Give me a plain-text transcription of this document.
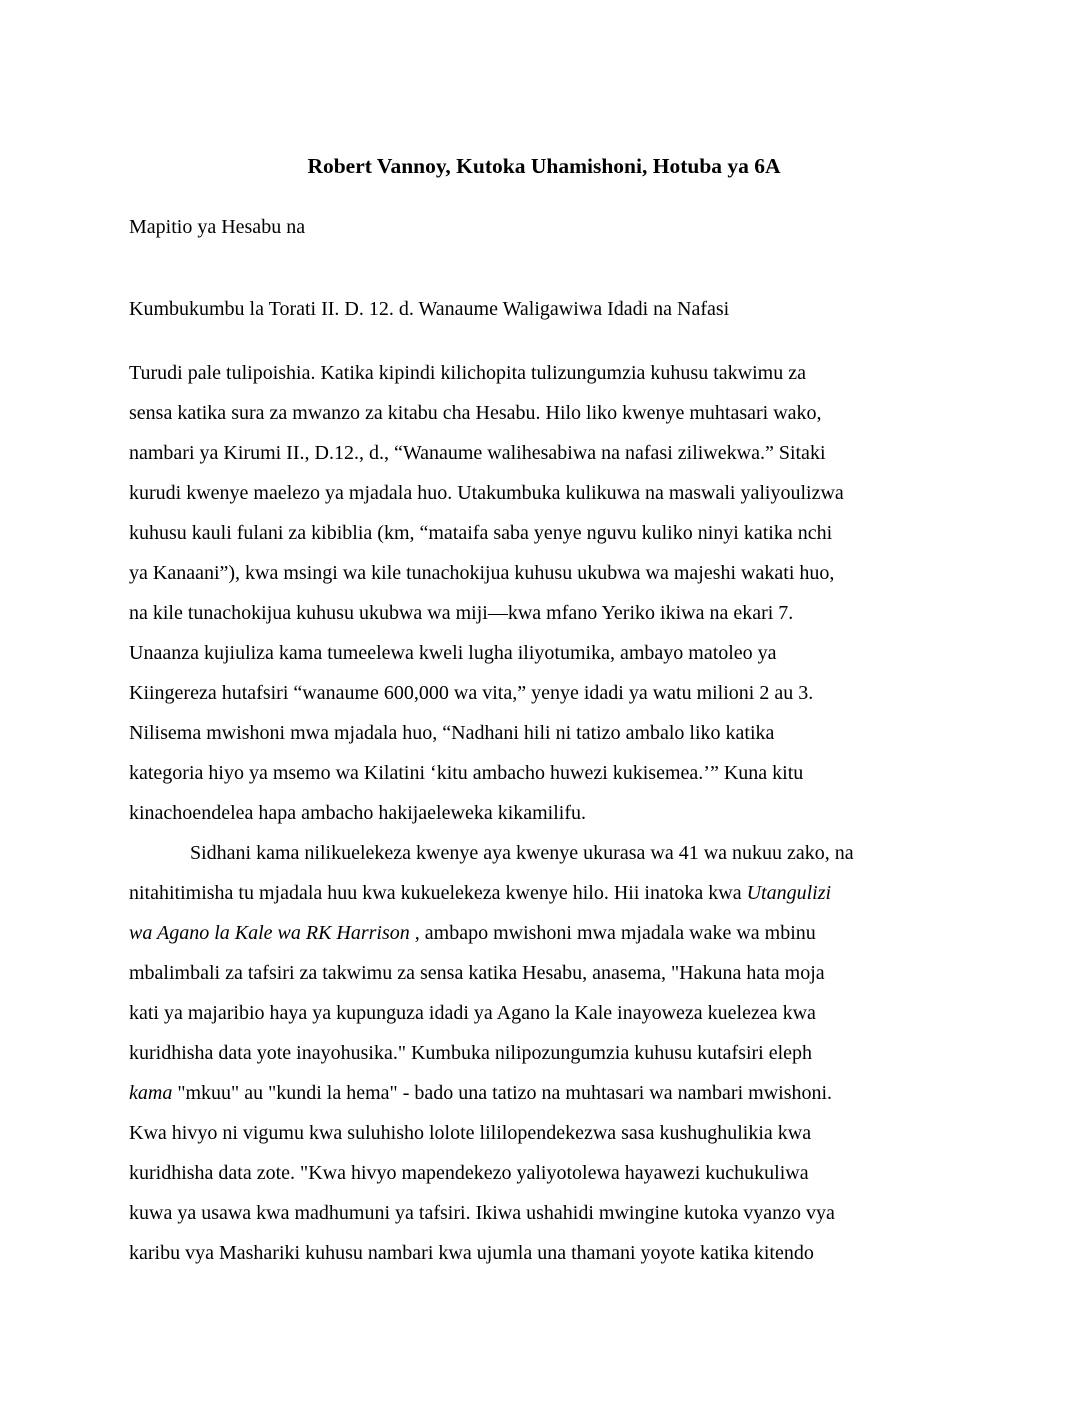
Robert Vannoy, Kutoka Uhamishoni, Hotuba ya 6A
Mapitio ya Hesabu na
Kumbukumbu la Torati II. D. 12. d. Wanaume Waligawiwa Idadi na Nafasi
Turudi pale tulipoishia. Katika kipindi kilichopita tulizungumzia kuhusu takwimu za
sensa katika sura za mwanzo za kitabu cha Hesabu. Hilo liko kwenye muhtasari wako,
nambari ya Kirumi II., D.12., d., “Wanaume walihesabiwa na nafasi ziliwekwa.” Sitaki
kurudi kwenye maelezo ya mjadala huo. Utakumbuka kulikuwa na maswali yaliyoulizwa
kuhusu kauli fulani za kibiblia (km, “mataifa saba yenye nguvu kuliko ninyi katika nchi
ya Kanaani”), kwa msingi wa kile tunachokijua kuhusu ukubwa wa majeshi wakati huo,
na kile tunachokijua kuhusu ukubwa wa miji—kwa mfano Yeriko ikiwa na ekari 7.
Unaanza kujiuliza kama tumeelewa kweli lugha iliyotumika, ambayo matoleo ya
Kiingereza hutafsiri “wanaume 600,000 wa vita,” yenye idadi ya watu milioni 2 au 3.
Nilisema mwishoni mwa mjadala huo, “Nadhani hili ni tatizo ambalo liko katika
kategoria hiyo ya msemo wa Kilatini ‘kitu ambacho huwezi kukisemea.’” Kuna kitu
kinachoendelea hapa ambacho hakijaeleweka kikamilifu.
Sidhani kama nilikuelekeza kwenye aya kwenye ukurasa wa 41 wa nukuu zako, na
nitahitimisha tu mjadala huu kwa kukuelekeza kwenye hilo. Hii inatoka kwa Utangulizi
wa Agano la Kale wa RK Harrison , ambapo mwishoni mwa mjadala wake wa mbinu
mbalimbali za tafsiri za takwimu za sensa katika Hesabu, anasema, "Hakuna hata moja
kati ya majaribio haya ya kupunguza idadi ya Agano la Kale inayoweza kuelezea kwa
kuridhisha data yote inayohusika." Kumbuka nilipozungumzia kuhusu kutafsiri eleph
kama "mkuu" au "kundi la hema" - bado una tatizo na muhtasari wa nambari mwishoni.
Kwa hivyo ni vigumu kwa suluhisho lolote lililopendekezwa sasa kushughulikia kwa
kuridhisha data zote. "Kwa hivyo mapendekezo yaliyotolewa hayawezi kuchukuliwa
kuwa ya usawa kwa madhumuni ya tafsiri. Ikiwa ushahidi mwingine kutoka vyanzo vya
karibu vya Mashariki kuhusu nambari kwa ujumla una thamani yoyote katika kitendo
